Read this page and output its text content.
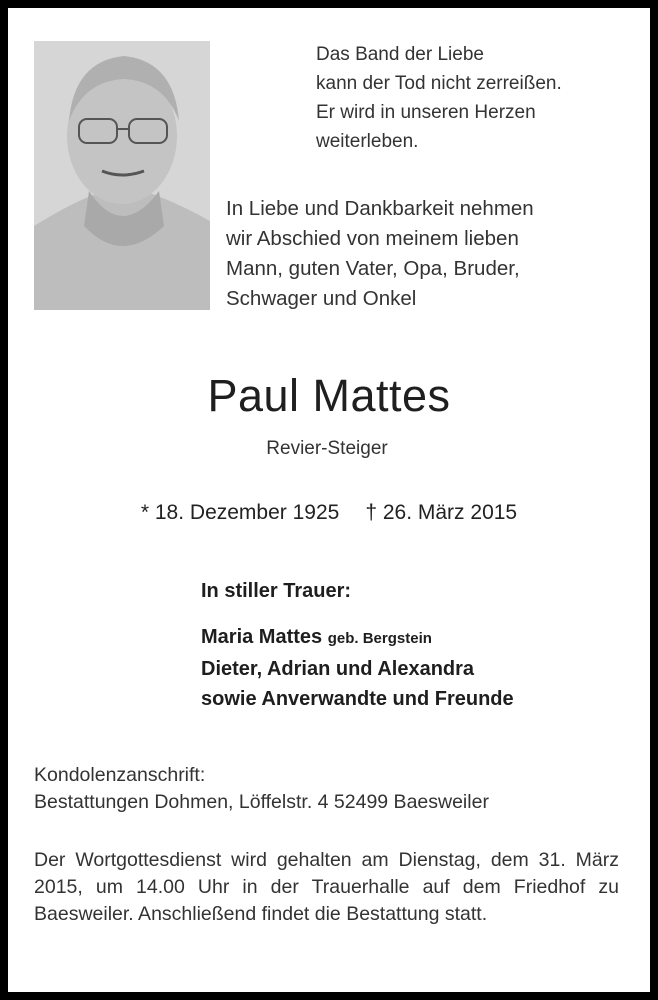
Das Band der Liebe
kann der Tod nicht zerreißen.
Er wird in unseren Herzen
weiterleben.
In Liebe und Dankbarkeit nehmen
wir Abschied von meinem lieben
Mann, guten Vater, Opa, Bruder,
Schwager und Onkel
Paul Mattes
Revier-Steiger
* 18. Dezember 1925 † 26. März 2015
In stiller Trauer:
Maria Mattes geb. Bergstein
Dieter, Adrian und Alexandra
sowie Anverwandte und Freunde
Kondolenzanschrift:
Bestattungen Dohmen, Löffelstr. 4 52499 Baesweiler
Der Wortgottesdienst wird gehalten am Dienstag, dem 31. März 2015, um 14.00 Uhr in der Trauerhalle auf dem Friedhof zu Baesweiler. Anschließend findet die Bestattung statt.
